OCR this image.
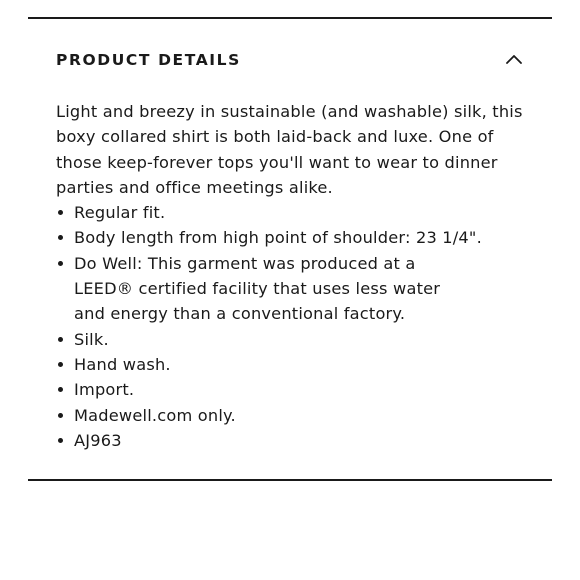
PRODUCT DETAILS

Light and breezy in sustainable (and washable) silk, this boxy collared shirt is both laid-back and luxe. One of those keep-forever tops you'll want to wear to dinner parties and office meetings alike.

Regular fit.
Body length from high point of shoulder: 23 1/4".
Do Well: This garment was produced at a LEED® certified facility that uses less water and energy than a conventional factory.
Silk.
Hand wash.
Import.
Madewell.com only.
AJ963
